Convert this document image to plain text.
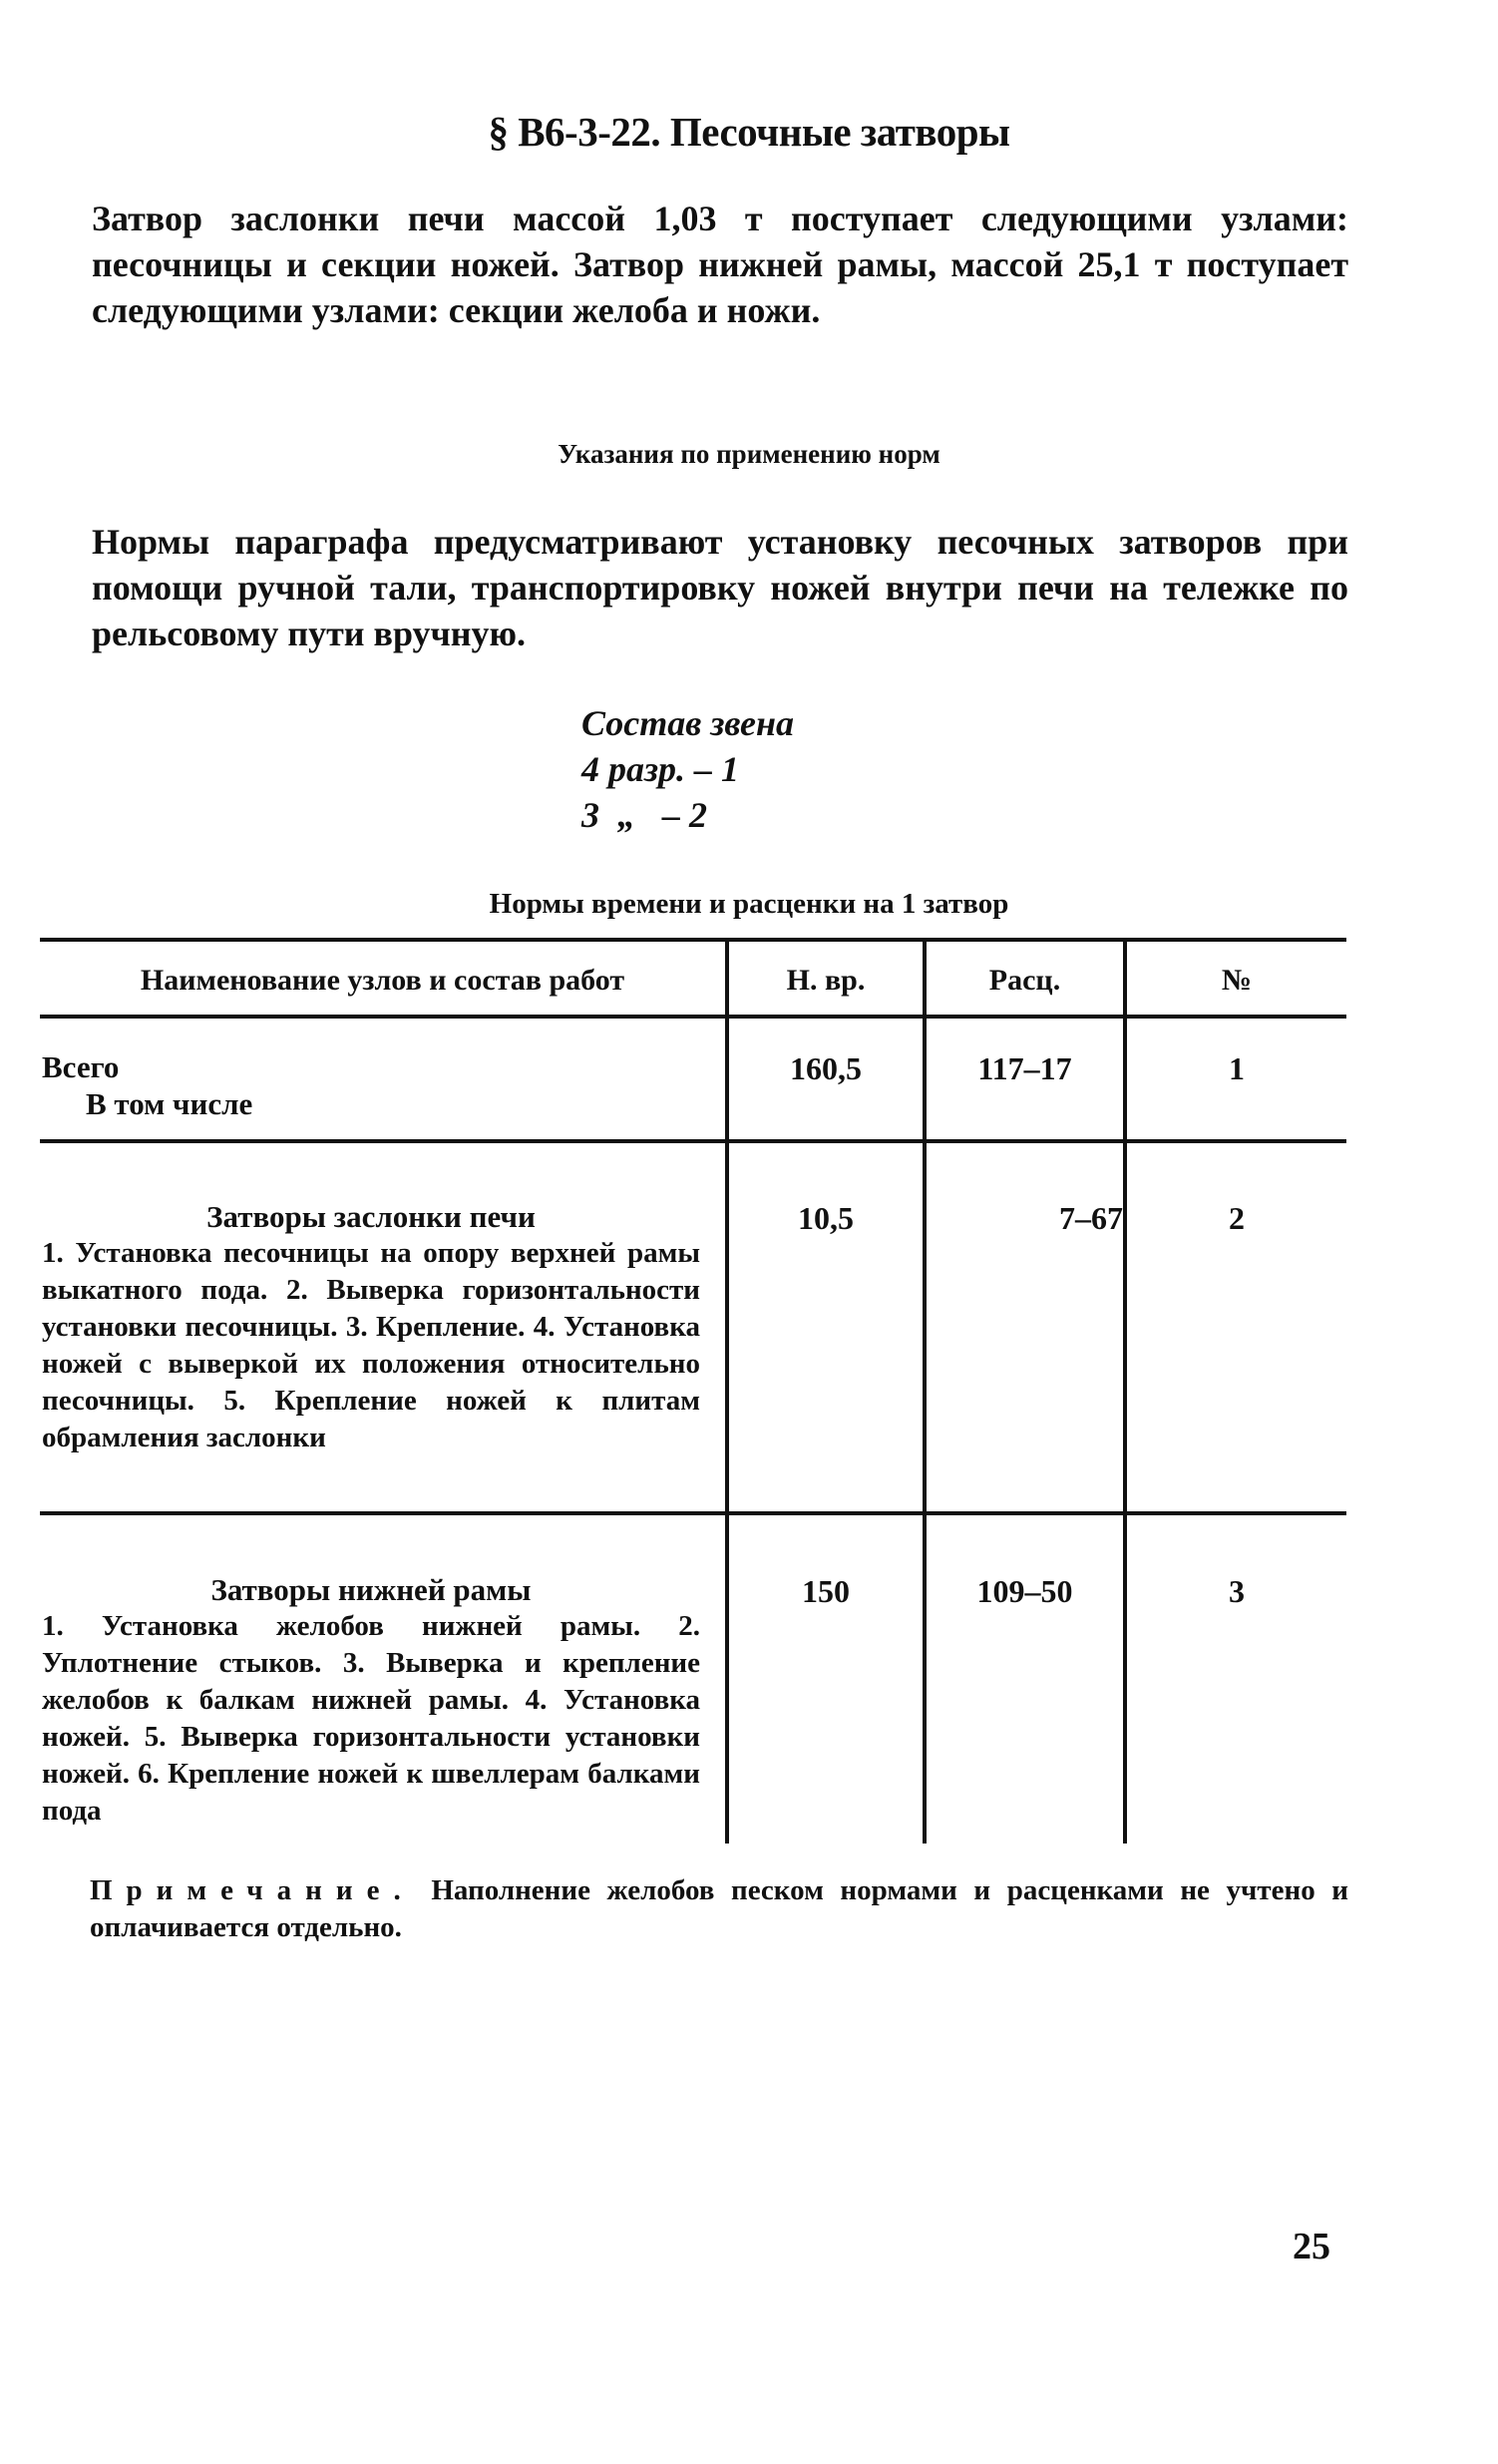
§ В6-3-22. Песочные затворы
Затвор заслонки печи массой 1,03 т поступает следующими узлами: песочницы и секции ножей. Затвор нижней рамы, массой 25,1 т поступает следующими узлами: секции желоба и ножи.
Указания по применению норм
Нормы параграфа предусматривают установку песочных затворов при помощи ручной тали, транспортировку ножей внутри печи на тележке по рельсовому пути вручную.
Состав звена
4 разр. – 1
3  „   – 2
Нормы времени и расценки на 1 затвор
Наименование узлов и состав работ	Н. вр.	Расц.	№
Всего
В том числе
160,5	117–17	1
Затворы заслонки печи
1. Установка песочницы на опору верхней рамы выкатного пода. 2. Выверка горизонтальности установки песочницы. 3. Крепление. 4. Установка ножей с выверкой их положения относительно песочницы. 5. Крепление ножей к плитам обрамления заслонки
10,5	7–67	2
Затворы нижней рамы
1. Установка желобов нижней рамы. 2. Уплотнение стыков. 3. Выверка и крепление желобов к балкам нижней рамы. 4. Установка ножей. 5. Выверка горизонтальности установки ножей. 6. Крепление ножей к швеллерам балками пода
150	109–50	3
Примечание. Наполнение желобов песком нормами и расценками не учтено и оплачивается отдельно.
25
